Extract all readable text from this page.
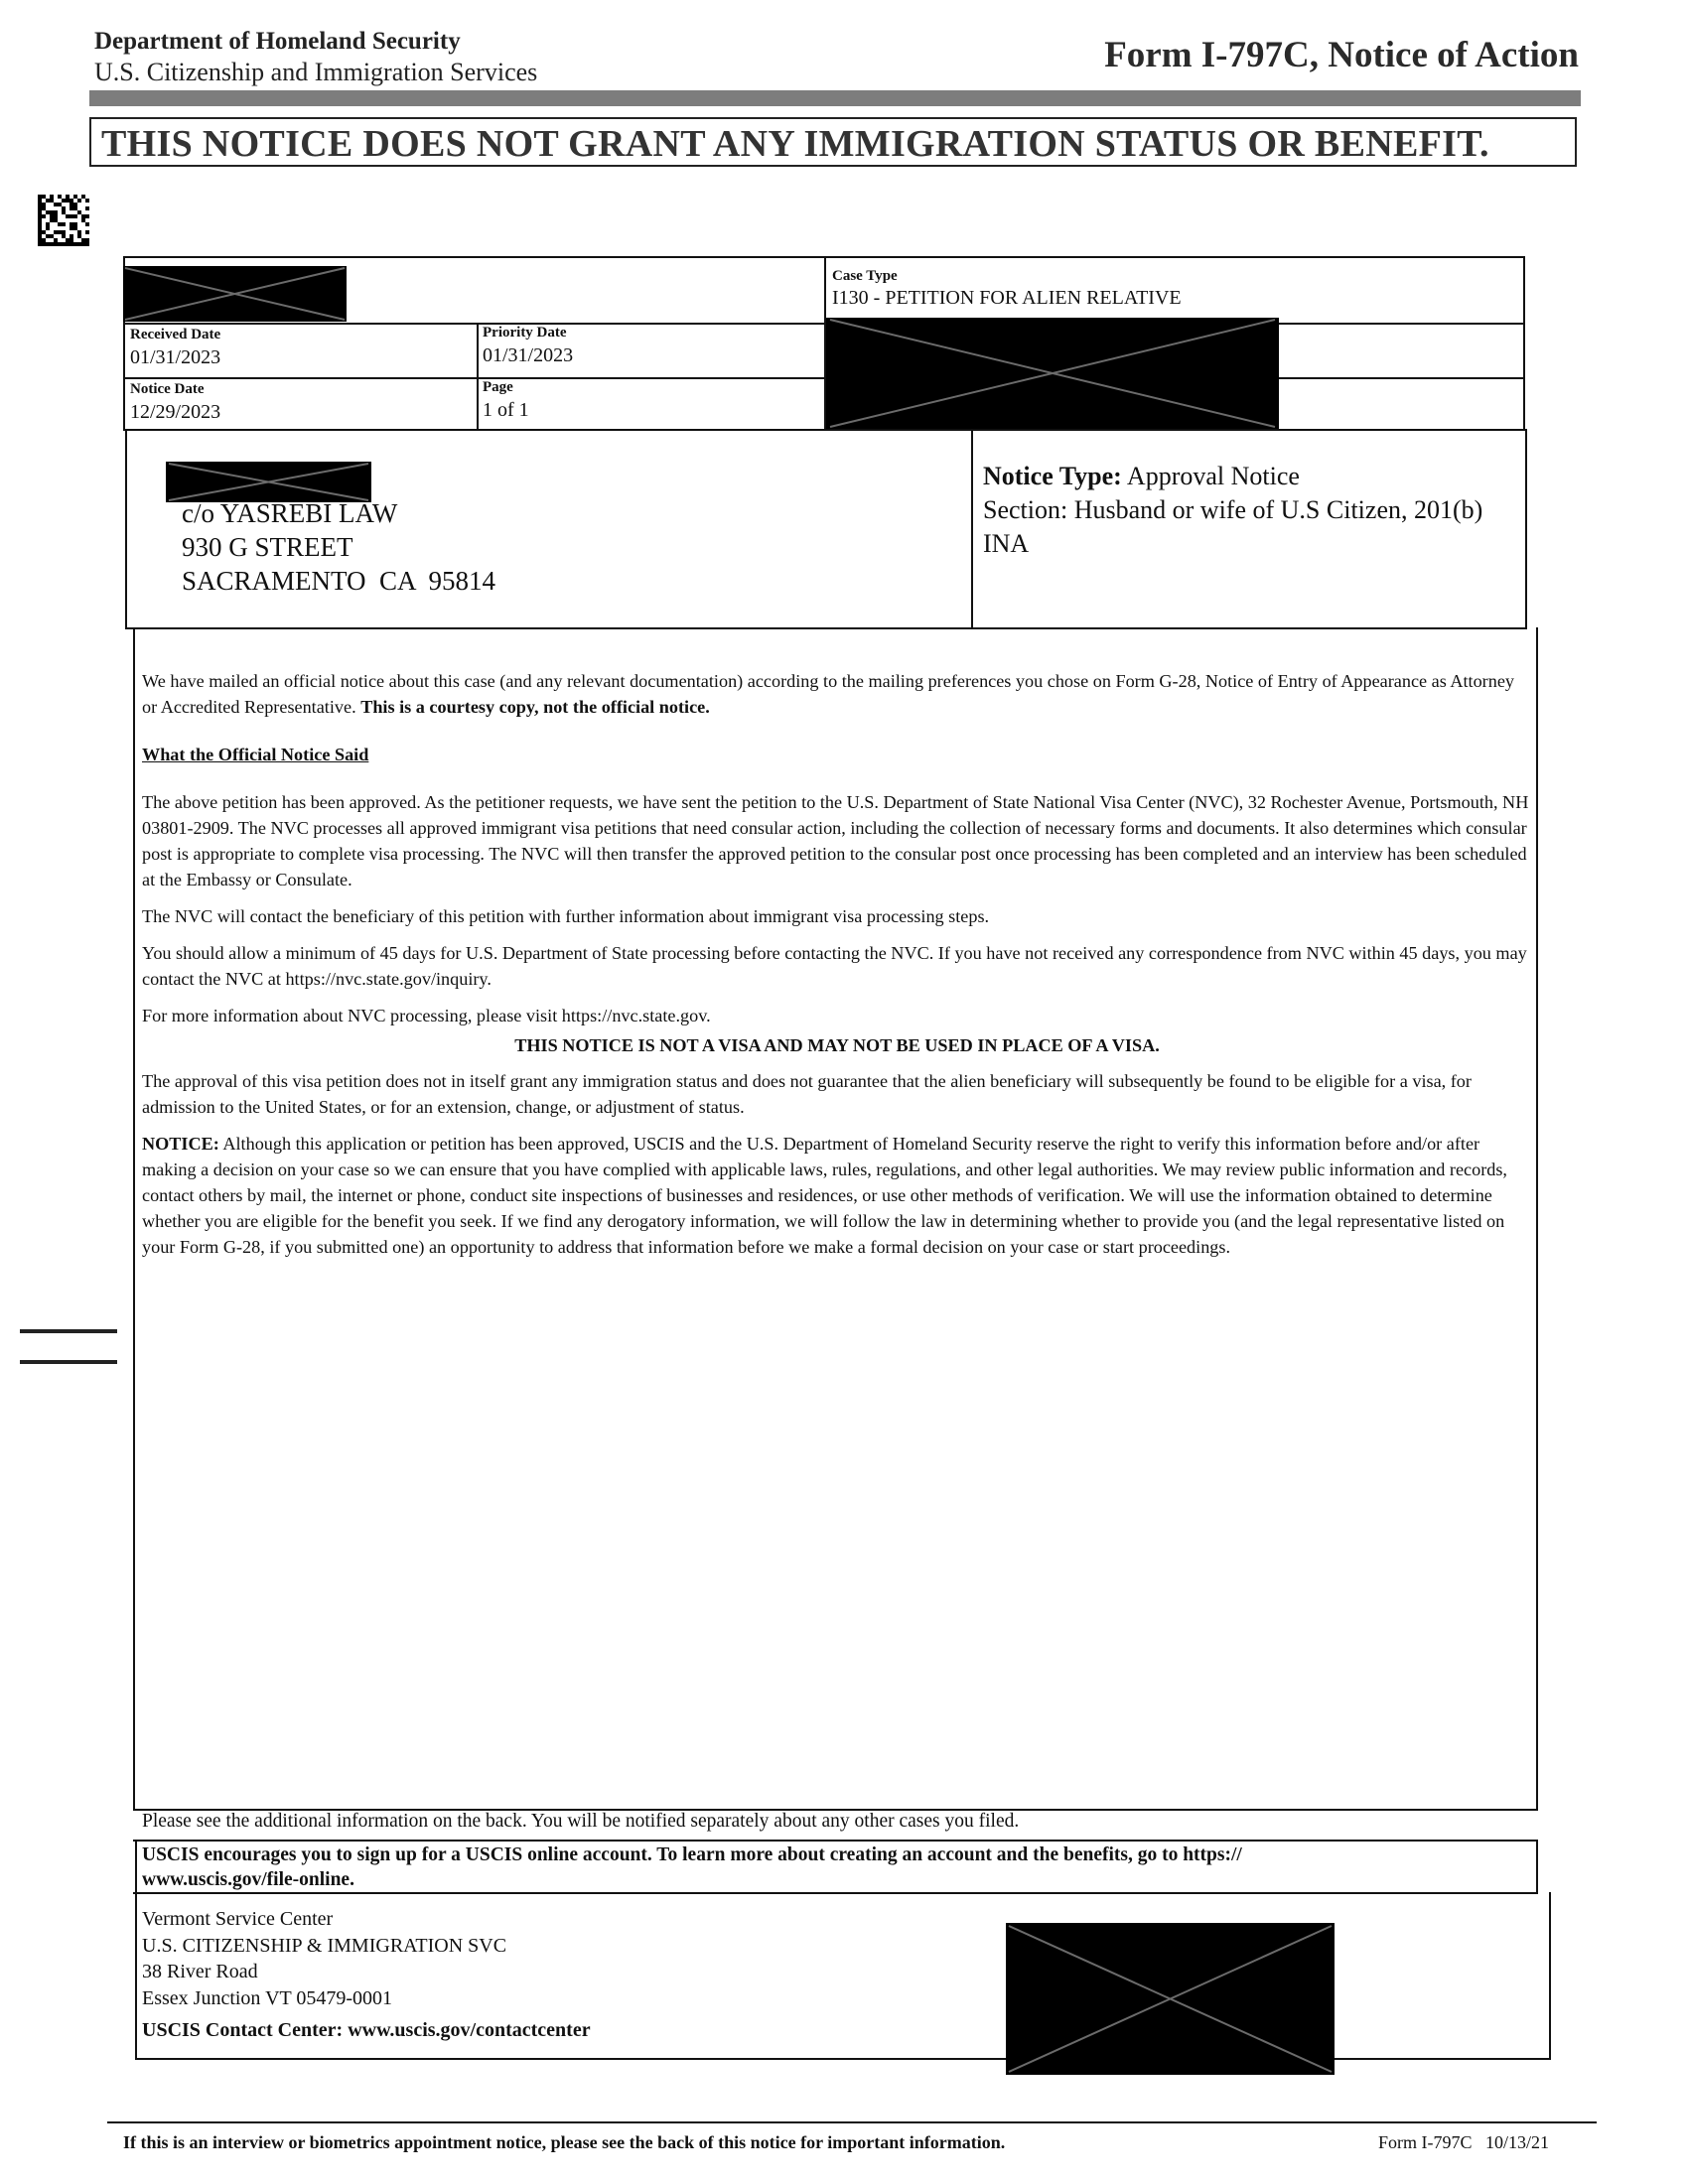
Department of Homeland Security
U.S. Citizenship and Immigration Services	Form I-797C, Notice of Action
THIS NOTICE DOES NOT GRANT ANY IMMIGRATION STATUS OR BENEFIT.
Case Type
I130 - PETITION FOR ALIEN RELATIVE
Received Date
01/31/2023
Priority Date
01/31/2023
Notice Date
12/29/2023
Page
1 of 1
c/o YASREBI LAW
930 G STREET
SACRAMENTO  CA  95814
Notice Type: Approval Notice
Section: Husband or wife of U.S Citizen, 201(b)
INA

We have mailed an official notice about this case (and any relevant documentation) according to the mailing preferences you chose on Form G-28, Notice of Entry of Appearance as Attorney or Accredited Representative. This is a courtesy copy, not the official notice.

What the Official Notice Said

The above petition has been approved. As the petitioner requests, we have sent the petition to the U.S. Department of State National Visa Center (NVC), 32 Rochester Avenue, Portsmouth, NH 03801-2909. The NVC processes all approved immigrant visa petitions that need consular action, including the collection of necessary forms and documents. It also determines which consular post is appropriate to complete visa processing. The NVC will then transfer the approved petition to the consular post once processing has been completed and an interview has been scheduled at the Embassy or Consulate.

The NVC will contact the beneficiary of this petition with further information about immigrant visa processing steps.

You should allow a minimum of 45 days for U.S. Department of State processing before contacting the NVC. If you have not received any correspondence from NVC within 45 days, you may contact the NVC at https://nvc.state.gov/inquiry.

For more information about NVC processing, please visit https://nvc.state.gov.

THIS NOTICE IS NOT A VISA AND MAY NOT BE USED IN PLACE OF A VISA.

The approval of this visa petition does not in itself grant any immigration status and does not guarantee that the alien beneficiary will subsequently be found to be eligible for a visa, for admission to the United States, or for an extension, change, or adjustment of status.

NOTICE: Although this application or petition has been approved, USCIS and the U.S. Department of Homeland Security reserve the right to verify this information before and/or after making a decision on your case so we can ensure that you have complied with applicable laws, rules, regulations, and other legal authorities. We may review public information and records, contact others by mail, the internet or phone, conduct site inspections of businesses and residences, or use other methods of verification. We will use the information obtained to determine whether you are eligible for the benefit you seek. If we find any derogatory information, we will follow the law in determining whether to provide you (and the legal representative listed on your Form G-28, if you submitted one) an opportunity to address that information before we make a formal decision on your case or start proceedings.

Please see the additional information on the back. You will be notified separately about any other cases you filed.
USCIS encourages you to sign up for a USCIS online account. To learn more about creating an account and the benefits, go to https:// www.uscis.gov/file-online.
Vermont Service Center
U.S. CITIZENSHIP & IMMIGRATION SVC
38 River Road
Essex Junction VT 05479-0001
USCIS Contact Center: www.uscis.gov/contactcenter
If this is an interview or biometrics appointment notice, please see the back of this notice for important information.	Form I-797C 10/13/21
